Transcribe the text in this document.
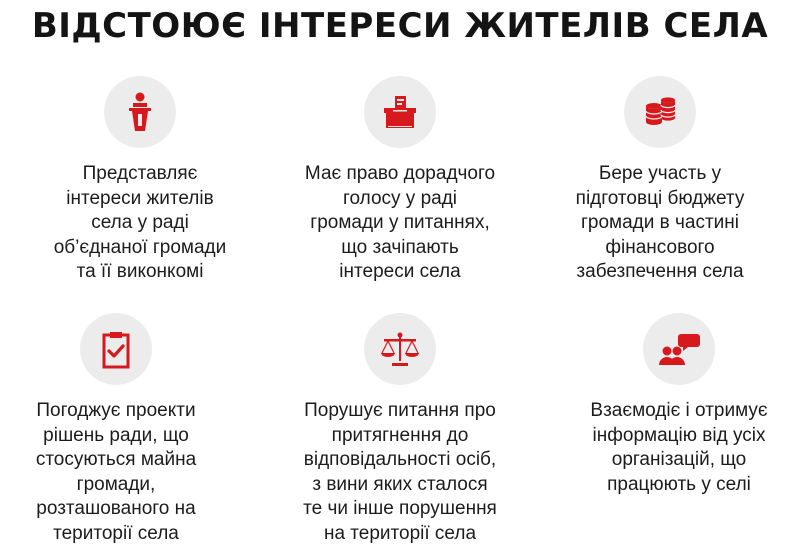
ВІДСТОЮЄ ІНТЕРЕСИ ЖИТЕЛІВ СЕЛА
Представляє
інтереси жителів
села у раді
об’єднаної громади
та її виконкомі
Має право дорадчого
голосу у раді
громади у питаннях,
що зачіпають
інтереси села
Бере участь у
підготовці бюджету
громади в частині
фінансового
забезпечення села
Погоджує проекти
рішень ради, що
стосуються майна
громади,
розташованого на
території села
Порушує питання про
притягнення до
відповідальності осіб,
з вини яких сталося
те чи інше порушення
на території села
Взаємодіє і отримує
інформацію від усіх
організацій, що
працюють у селі
